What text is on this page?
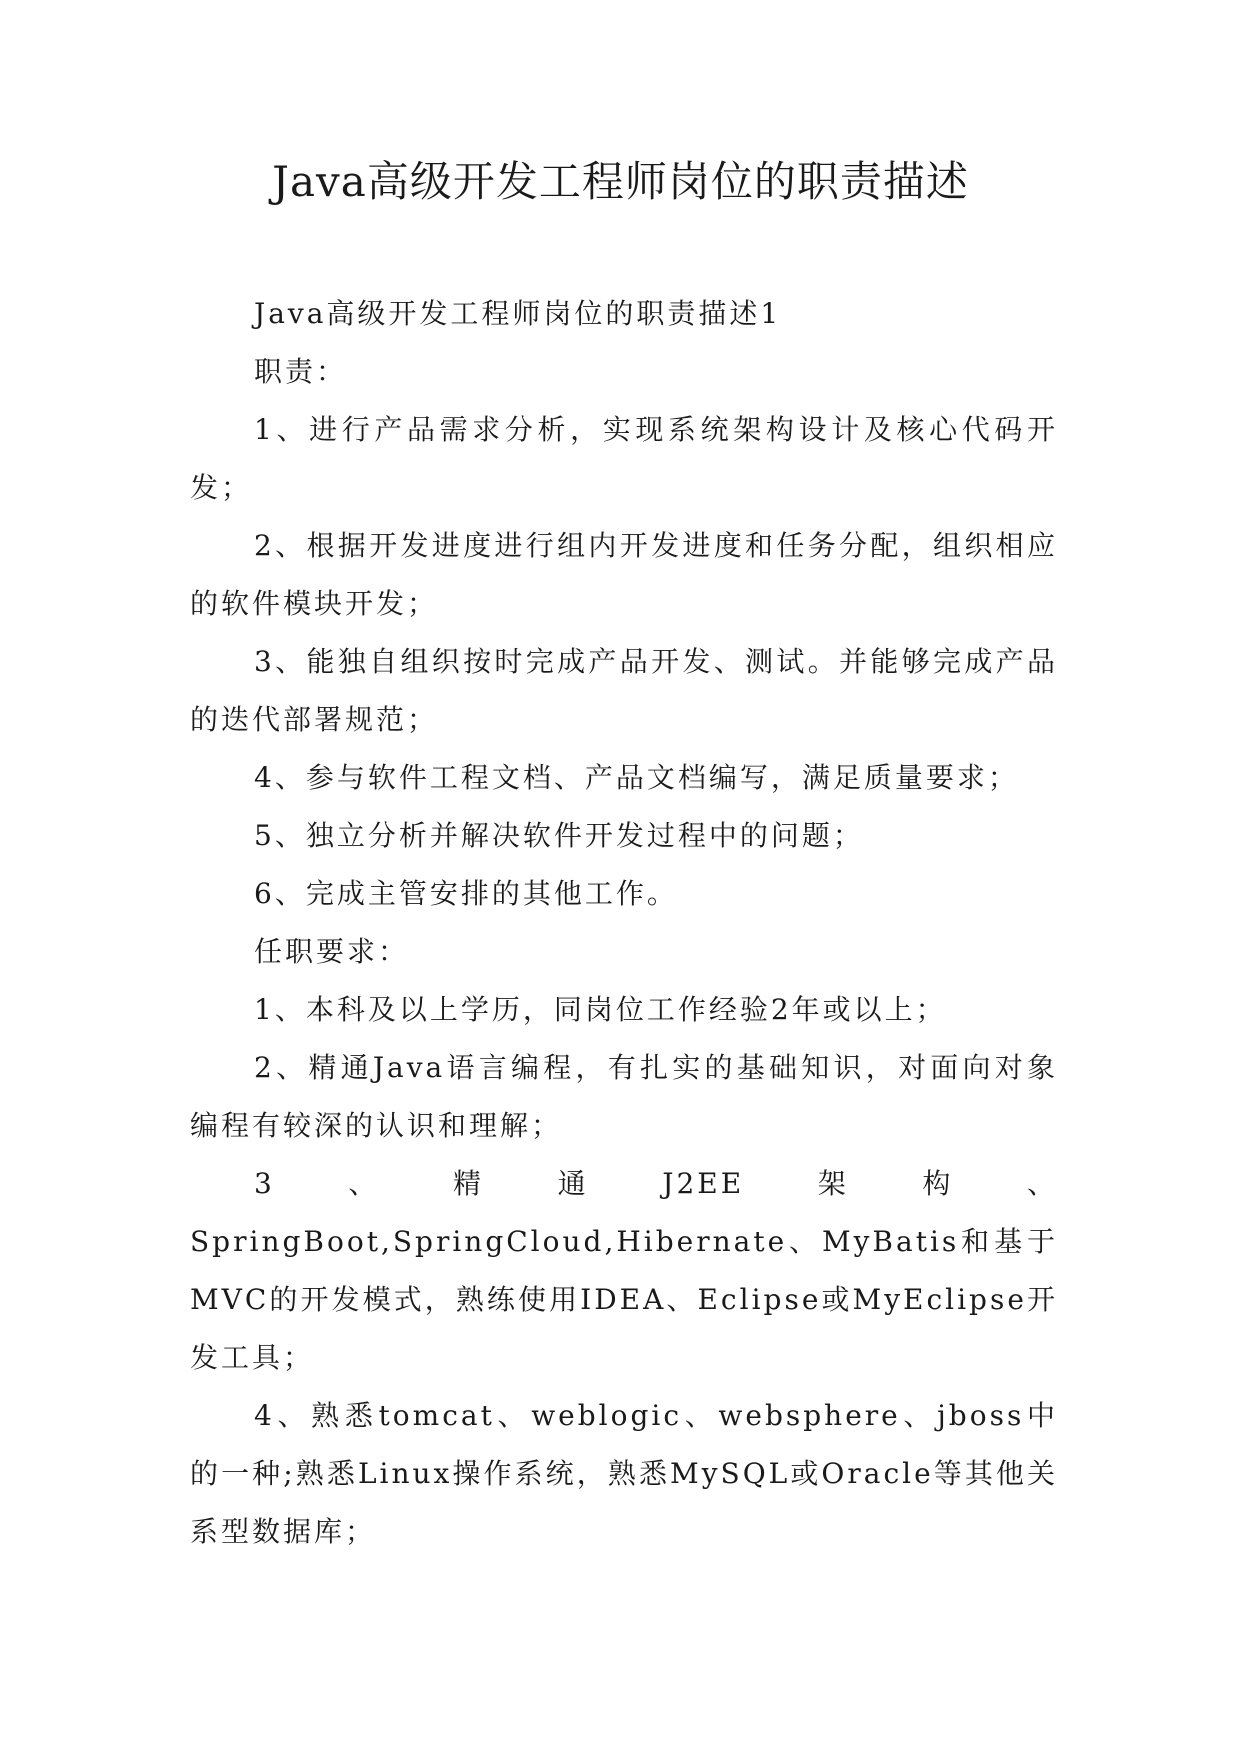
Java高级开发工程师岗位的职责描述

Java高级开发工程师岗位的职责描述1

职责：

1、进行产品需求分析，实现系统架构设计及核心代码开发；

2、根据开发进度进行组内开发进度和任务分配，组织相应的软件模块开发；

3、能独自组织按时完成产品开发、测试。并能够完成产品的迭代部署规范；

4、参与软件工程文档、产品文档编写，满足质量要求；

5、独立分析并解决软件开发过程中的问题；

6、完成主管安排的其他工作。

任职要求：

1、本科及以上学历，同岗位工作经验2年或以上；

2、精通Java语言编程，有扎实的基础知识，对面向对象编程有较深的认识和理解；

3、精通J2EE架构、SpringBoot,SpringCloud,Hibernate、MyBatis和基于MVC的开发模式，熟练使用IDEA、Eclipse或MyEclipse开发工具；

4、熟悉tomcat、weblogic、websphere、jboss中的一种;熟悉Linux操作系统，熟悉MySQL或Oracle等其他关系型数据库；
